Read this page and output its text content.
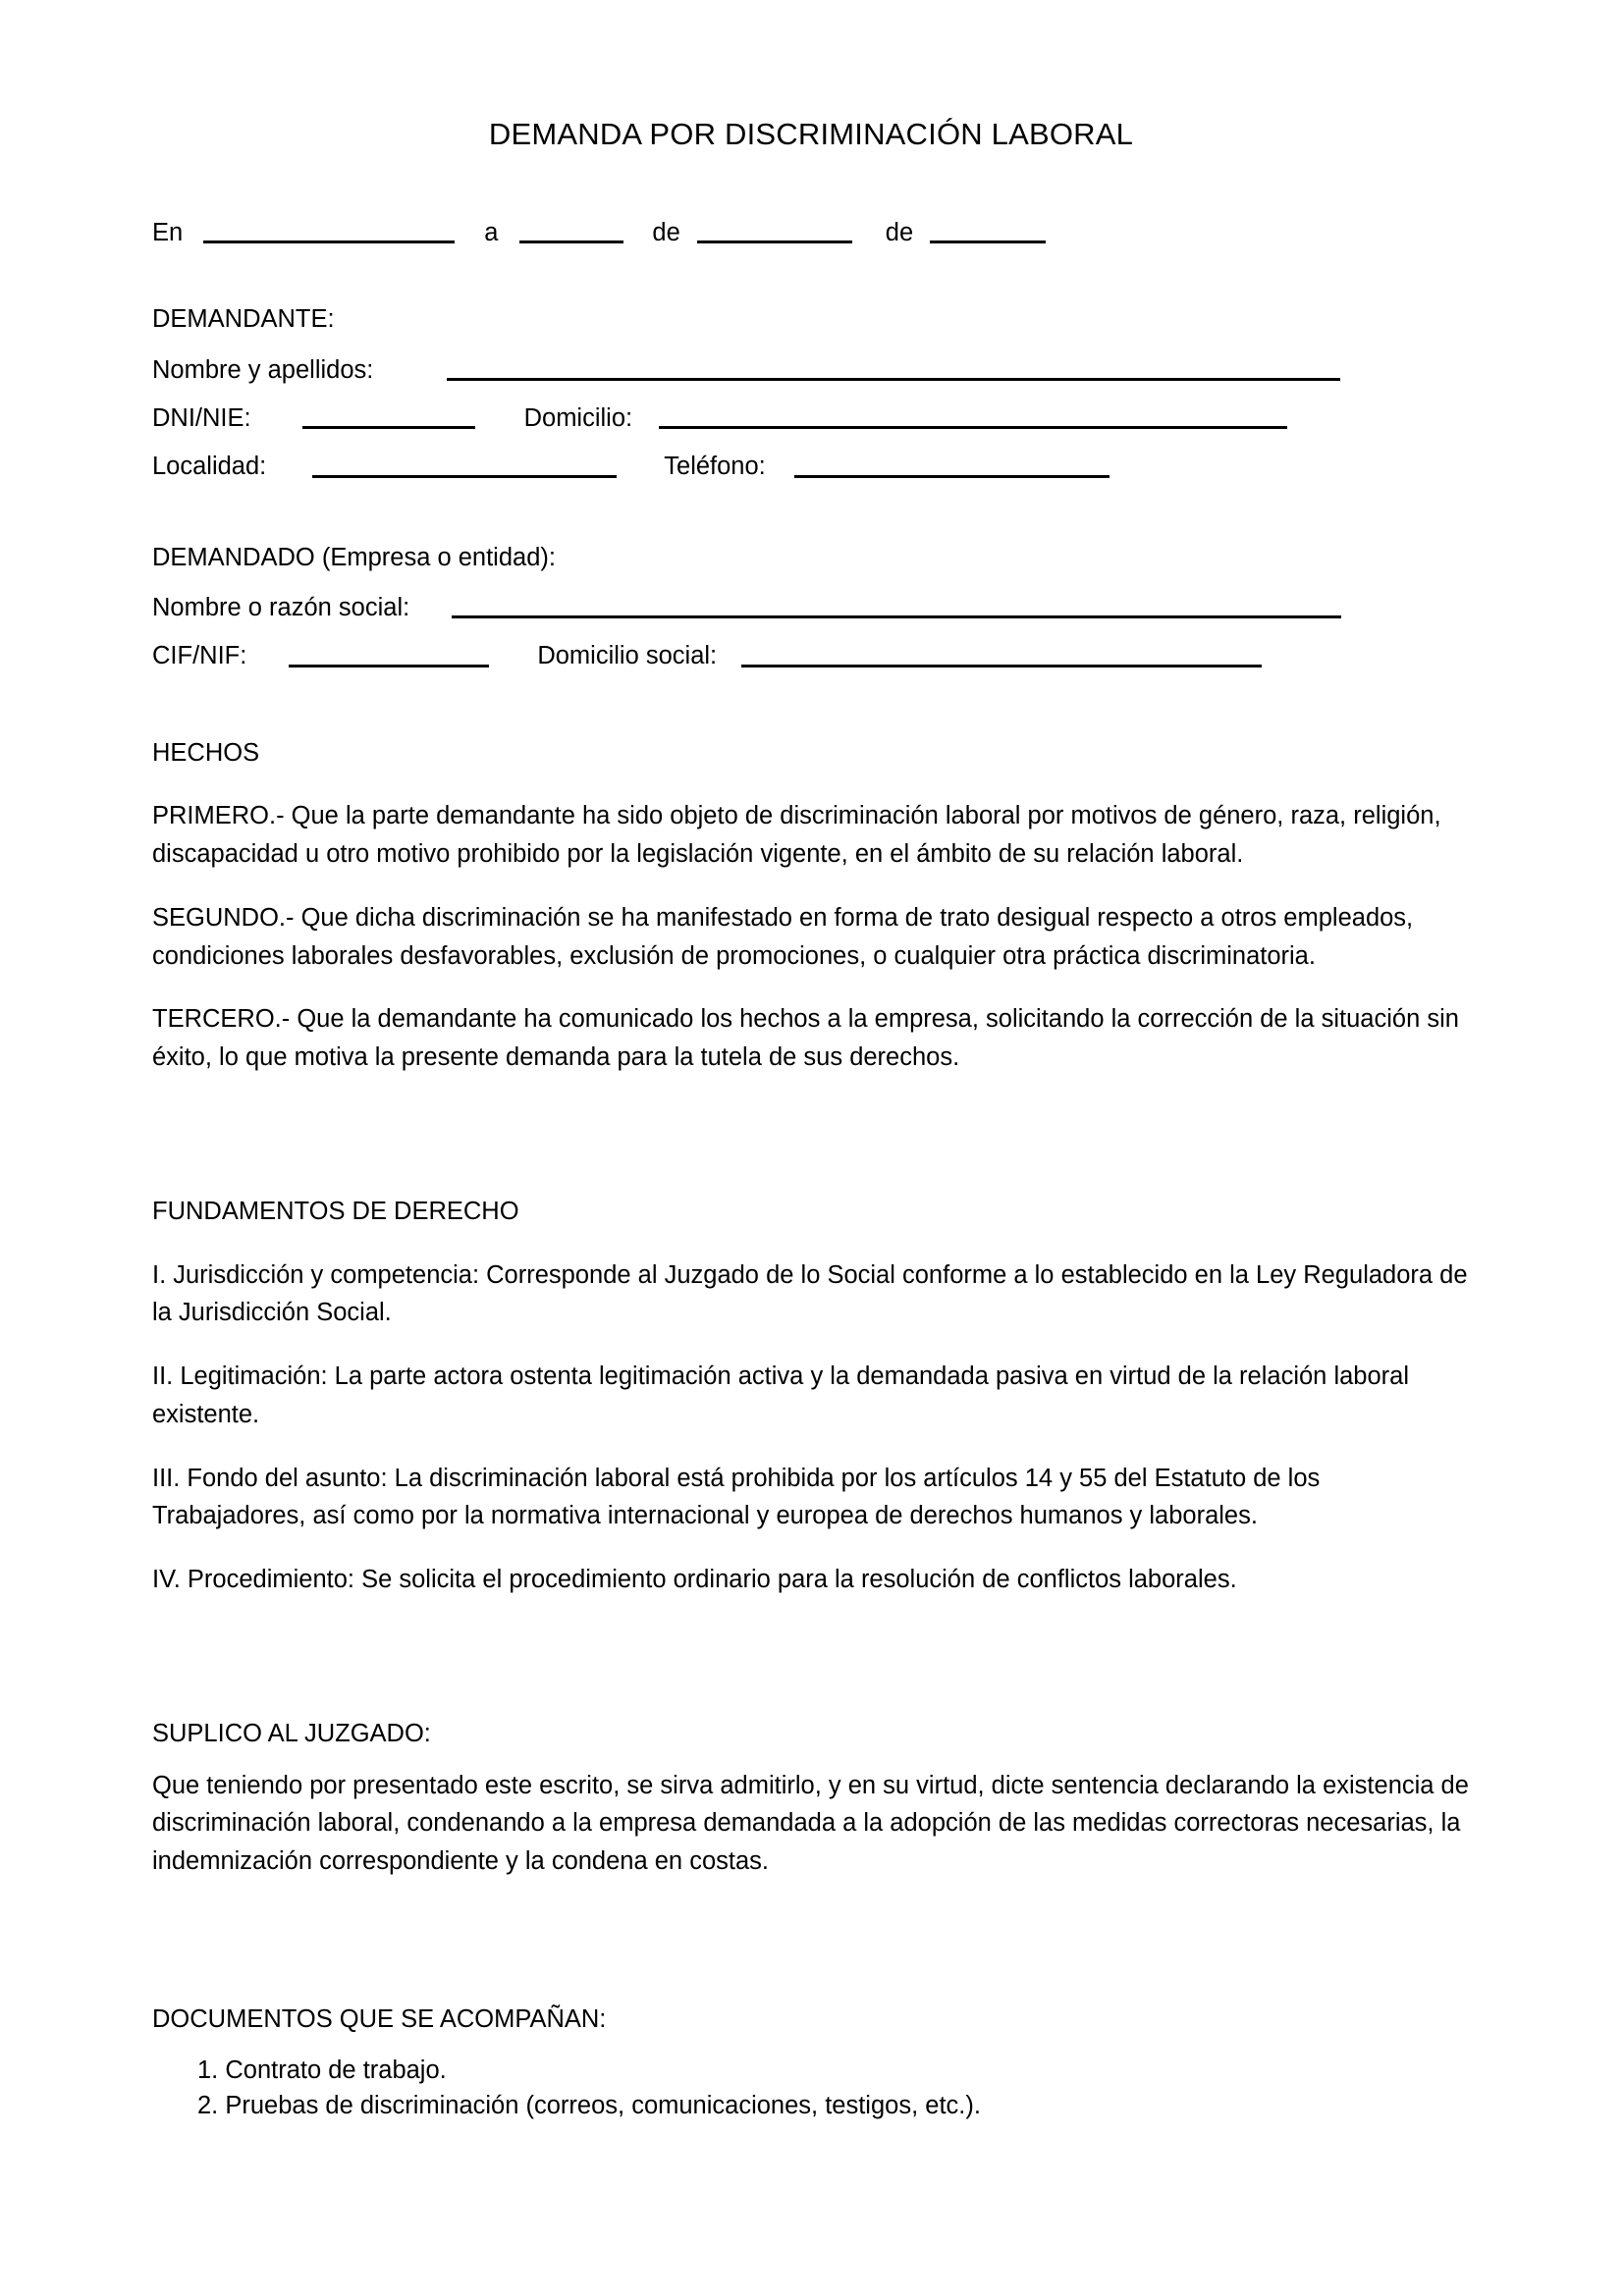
DEMANDA POR DISCRIMINACIÓN LABORAL
En	a	de	de
DEMANDANTE:
Nombre y apellidos:
DNI/NIE:	Domicilio:
Localidad:	Teléfono:
DEMANDADO (Empresa o entidad):
Nombre o razón social:
CIF/NIF:	Domicilio social:
HECHOS

PRIMERO.- Que la parte demandante ha sido objeto de discriminación laboral por motivos de género, raza, religión, discapacidad u otro motivo prohibido por la legislación vigente, en el ámbito de su relación laboral.

SEGUNDO.- Que dicha discriminación se ha manifestado en forma de trato desigual respecto a otros empleados, condiciones laborales desfavorables, exclusión de promociones, o cualquier otra práctica discriminatoria.

TERCERO.- Que la demandante ha comunicado los hechos a la empresa, solicitando la corrección de la situación sin éxito, lo que motiva la presente demanda para la tutela de sus derechos.

FUNDAMENTOS DE DERECHO

I. Jurisdicción y competencia: Corresponde al Juzgado de lo Social conforme a lo establecido en la Ley Reguladora de la Jurisdicción Social.

II. Legitimación: La parte actora ostenta legitimación activa y la demandada pasiva en virtud de la relación laboral existente.

III. Fondo del asunto: La discriminación laboral está prohibida por los artículos 14 y 55 del Estatuto de los Trabajadores, así como por la normativa internacional y europea de derechos humanos y laborales.

IV. Procedimiento: Se solicita el procedimiento ordinario para la resolución de conflictos laborales.

SUPLICO AL JUZGADO:

Que teniendo por presentado este escrito, se sirva admitirlo, y en su virtud, dicte sentencia declarando la existencia de discriminación laboral, condenando a la empresa demandada a la adopción de las medidas correctoras necesarias, la indemnización correspondiente y la condena en costas.

DOCUMENTOS QUE SE ACOMPAÑAN:
1. Contrato de trabajo.
2. Pruebas de discriminación (correos, comunicaciones, testigos, etc.).
